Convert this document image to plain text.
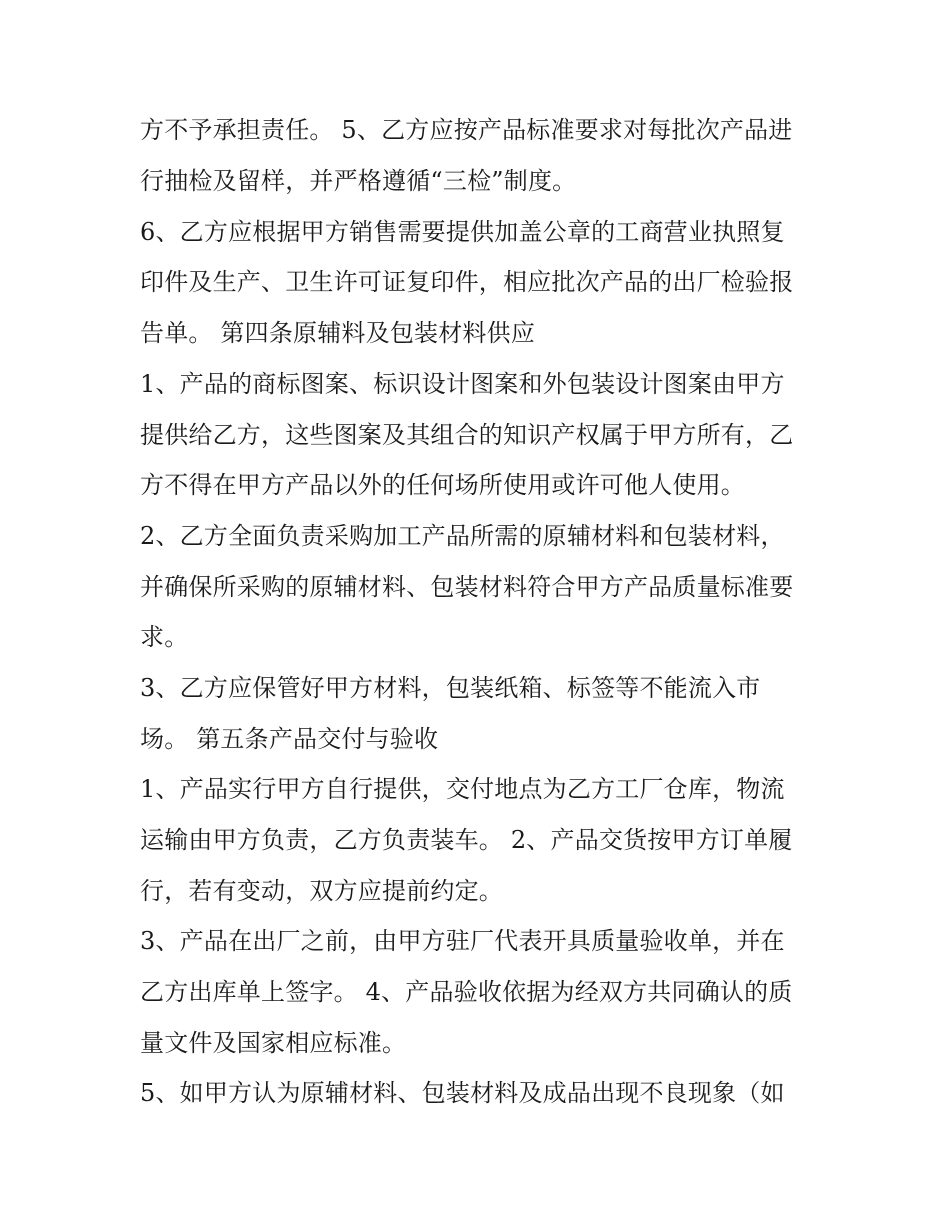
方不予承担责任。 5、乙方应按产品标准要求对每批次产品进
行抽检及留样，并严格遵循“三检”制度。
6、乙方应根据甲方销售需要提供加盖公章的工商营业执照复
印件及生产、卫生许可证复印件，相应批次产品的出厂检验报
告单。 第四条原辅料及包装材料供应
1、产品的商标图案、标识设计图案和外包装设计图案由甲方
提供给乙方，这些图案及其组合的知识产权属于甲方所有，乙
方不得在甲方产品以外的任何场所使用或许可他人使用。
2、乙方全面负责采购加工产品所需的原辅材料和包装材料，
并确保所采购的原辅材料、包装材料符合甲方产品质量标准要
求。
3、乙方应保管好甲方材料，包装纸箱、标签等不能流入市
场。 第五条产品交付与验收
1、产品实行甲方自行提供，交付地点为乙方工厂仓库，物流
运输由甲方负责，乙方负责装车。 2、产品交货按甲方订单履
行，若有变动，双方应提前约定。
3、产品在出厂之前，由甲方驻厂代表开具质量验收单，并在
乙方出库单上签字。 4、产品验收依据为经双方共同确认的质
量文件及国家相应标准。
5、如甲方认为原辅材料、包装材料及成品出现不良现象（如
